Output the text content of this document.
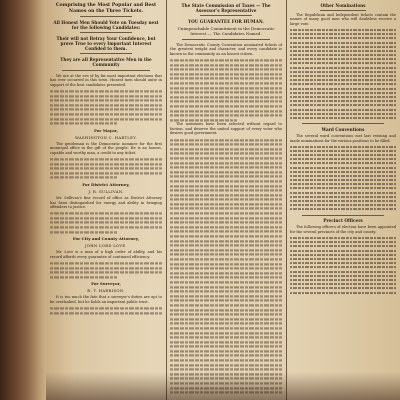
Comprising the Most Popular and Best Names on the Three Tickets.
All Honest Men Should Vote on Tuesday next for the following Candidates:
Their will not Betray Your Confidence, but prove True to every Important Interest Confided to them.
They are all Representative Men in the Community

We are at the eve of by far most important elections that has ever occurred in this town. Honest men should unite in support of the best candidates presented.

For Mayor,
WASHINGTON C. HARTLEY.

The gentleman is the Democratic nominee for the first municipal office in the gift of the people. He is an honest, capable and worthy man, a credit to any ticket.

For District Attorney,
J. R. SULLIVAN.

Mr. Sullivan's fine record of office as District Attorney has been distinguished for energy and ability in bringing offenders to justice.

For City and County Attorney,
JOHN LORD LOVE.

Mr. Love is a man of a high order of ability, and his record affords every guarantee of continued efficiency.

For Surveyor,
R. T. HARRISON.

It is too much the fate that a surveyor's duties are apt to be overlooked, but he holds an important public trust.

The State Commission of Taxes — The Assessor's Representative
YOU GUARANTEE FOR HUMAN.
Unimpeachable Commitment in the Democratic Interest — The Candidates Named.

The Democratic County Convention nominated tickets of the greatest weight and character, and every candidate is known in the community as an honest citizen.

The nominees have been selected without regard to faction, and deserve the united support of every voter who desires good government.

Other Nominations

The Republican and Independent tickets contain the names of many good men who will doubtless receive a large vote.

Ward Conventions

The several ward conventions met last evening and made nominations for the various positions to be filled.

Precinct Officers

The following officers of election have been appointed for the several precincts of the city and county.
